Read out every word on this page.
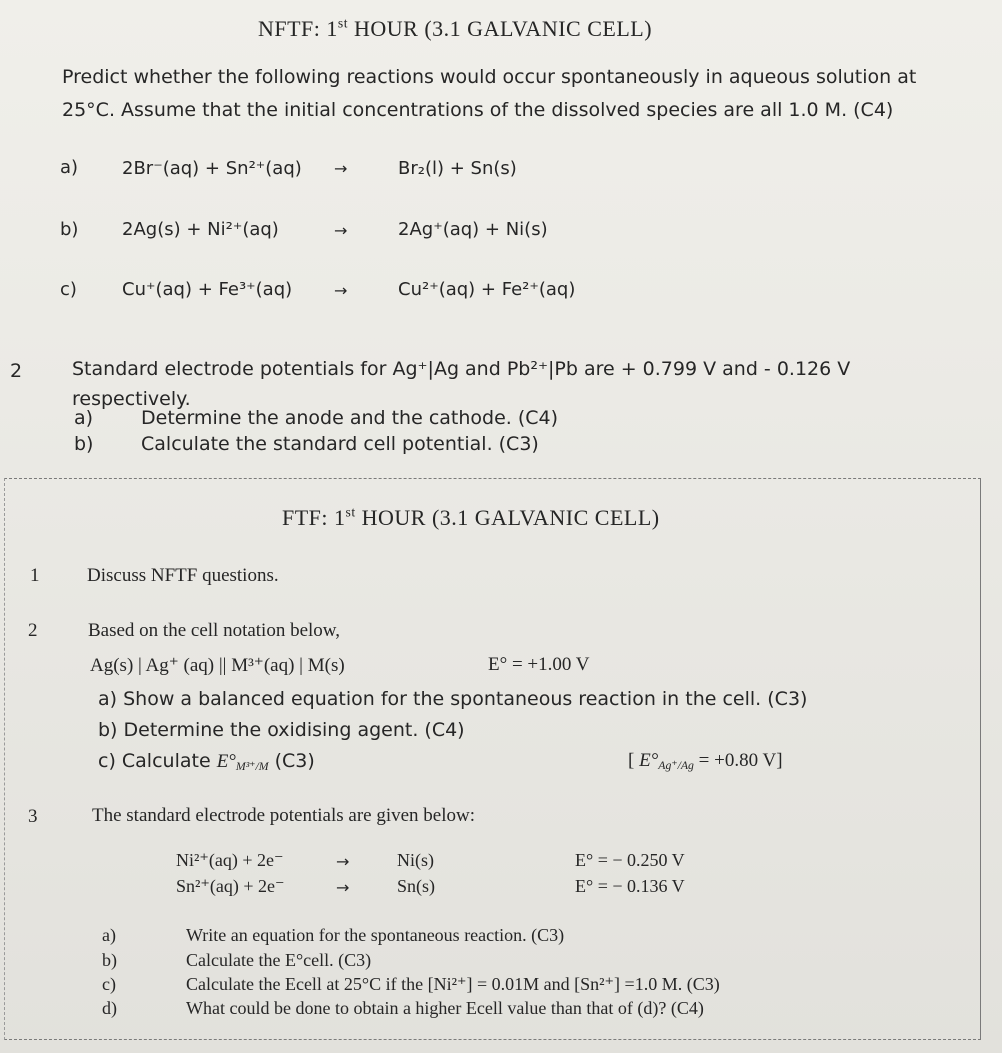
NFTF: 1st HOUR (3.1 GALVANIC CELL)
Predict whether the following reactions would occur spontaneously in aqueous solution at
25°C. Assume that the initial concentrations of the dissolved species are all 1.0 M. (C4)
a) 2Br⁻(aq) + Sn²⁺(aq) →	Br₂(l) + Sn(s)
b) 2Ag(s) + Ni²⁺(aq)	→	2Ag⁺(aq) + Ni(s)
c)	Cu⁺(aq) + Fe³⁺(aq)	→	Cu²⁺(aq) + Fe²⁺(aq)
2	Standard electrode potentials for Ag⁺|Ag and Pb²⁺|Pb are + 0.799 V and - 0.126 V
respectively.
a)	Determine the anode and the cathode. (C4)
b)	Calculate the standard cell potential. (C3)
FTF: 1st HOUR (3.1 GALVANIC CELL)
1	Discuss NFTF questions.
2	Based on the cell notation below,
Ag(s) | Ag⁺ (aq) || M³⁺(aq) | M(s)	E° = +1.00 V
a) Show a balanced equation for the spontaneous reaction in the cell. (C3)
b) Determine the oxidising agent. (C4)
c) Calculate $E^\circ_{M^{3+}/M}$ (C3)	[ $E^\circ_{Ag^+/Ag} = +0.80$ V]
3	The standard electrode potentials are given below:
Ni²⁺(aq) + 2e⁻	→	Ni(s)	E° = − 0.250 V
Sn²⁺(aq) + 2e⁻	→	Sn(s)	E° = − 0.136 V
a)	Write an equation for the spontaneous reaction. (C3)
b)	Calculate the E°cell. (C3)
c)	Calculate the Ecell at 25°C if the [Ni²⁺] = 0.01M and [Sn²⁺] =1.0 M. (C3)
d)	What could be done to obtain a higher Ecell value than that of (d)? (C4)
